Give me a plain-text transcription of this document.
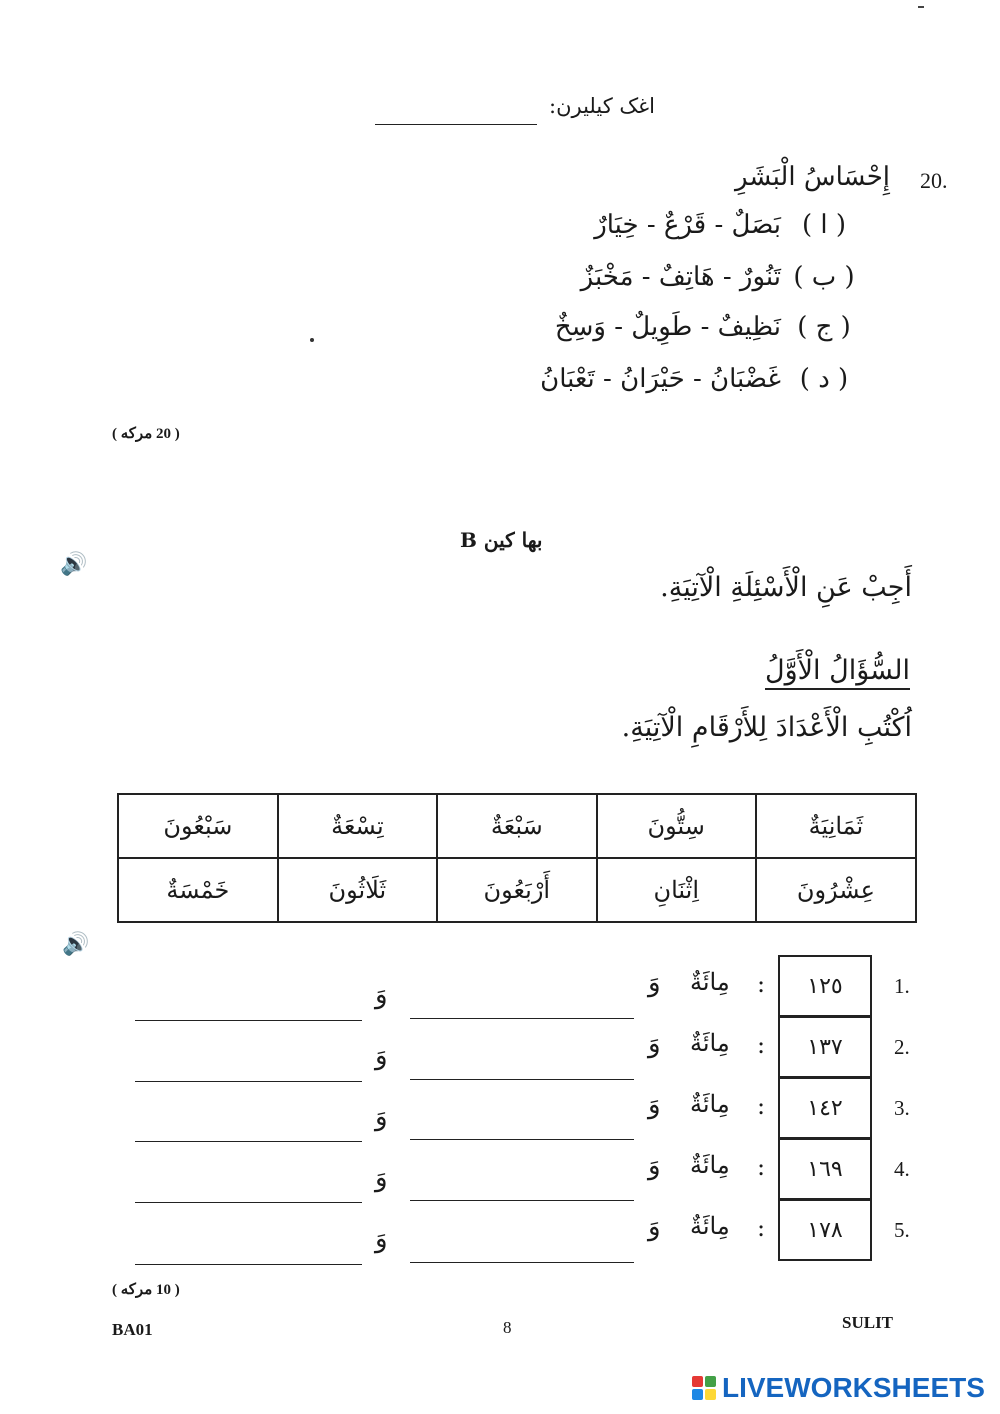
اغک كيليرن:
20.
إِحْسَاسُ الْبَشَرِ
( ا )
بَصَلٌ - قَرْعٌ - خِيَارٌ
( ب )
تَنُورٌ - هَاتِفٌ - مَخْبَزٌ
( ج )
نَظِيفٌ - طَوِيلٌ - وَسِخٌ
( د )
غَضْبَانُ - حَيْرَانُ - تَعْبَانُ
( 20 مركه )
بها كين B
🔊
أَجِبْ عَنِ الْأَسْئِلَةِ الْآتِيَةِ.
السُّؤَالُ الْأَوَّلُ
اُكْتُبِ الْأَعْدَادَ لِلأَرْقَامِ الْآتِيَةِ.
ثَمَانِيَةٌ	سِتُّونَ	سَبْعَةٌ	تِسْعَةٌ	سَبْعُونَ
عِشْرُونَ	اِثْنَانِ	أَرْبَعُونَ	ثَلَاثُونَ	خَمْسَةٌ
🔊
1.
١٢٥
:
مِائَةٌ
وَ
وَ
2.
١٣٧
:
مِائَةٌ
وَ
وَ
3.
١٤٢
:
مِائَةٌ
وَ
وَ
4.
١٦٩
:
مِائَةٌ
وَ
وَ
5.
١٧٨
:
مِائَةٌ
وَ
وَ
( 10 مركه )
BA01	8	SULIT
LIVEWORKSHEETS
